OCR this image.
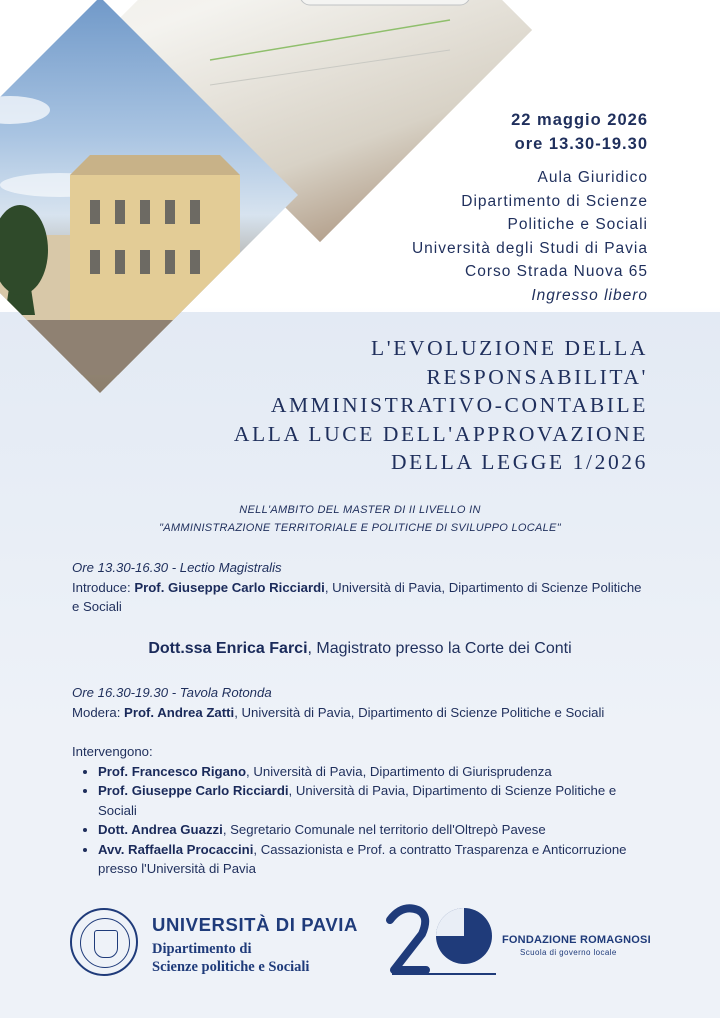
22 maggio 2026
ore 13.30-19.30
Aula Giuridico
Dipartimento di Scienze
Politiche e Sociali
Università degli Studi di Pavia
Corso Strada Nuova 65
Ingresso libero
L'EVOLUZIONE DELLA
RESPONSABILITA'
AMMINISTRATIVO-CONTABILE
ALLA LUCE DELL'APPROVAZIONE
DELLA LEGGE 1/2026
NELL'AMBITO DEL MASTER DI II LIVELLO IN
"AMMINISTRAZIONE TERRITORIALE E POLITICHE DI SVILUPPO LOCALE"
Ore 13.30-16.30 - Lectio Magistralis
Introduce: Prof. Giuseppe Carlo Ricciardi, Università di Pavia, Dipartimento di Scienze Politiche e Sociali
Dott.ssa Enrica Farci, Magistrato presso la Corte dei Conti
Ore 16.30-19.30 - Tavola Rotonda
Modera: Prof. Andrea Zatti, Università di Pavia, Dipartimento di Scienze Politiche e Sociali
Intervengono:
• Prof. Francesco Rigano, Università di Pavia, Dipartimento di Giurisprudenza
• Prof. Giuseppe Carlo Ricciardi, Università di Pavia, Dipartimento di Scienze Politiche e Sociali
• Dott. Andrea Guazzi, Segretario Comunale nel territorio dell'Oltrepò Pavese
• Avv. Raffaella Procaccini, Cassazionista e Prof. a contratto Trasparenza e Anticorruzione presso l'Università di Pavia
UNIVERSITÀ DI PAVIA
Dipartimento di
Scienze politiche e Sociali
FONDAZIONE ROMAGNOSI
Scuola di governo locale
